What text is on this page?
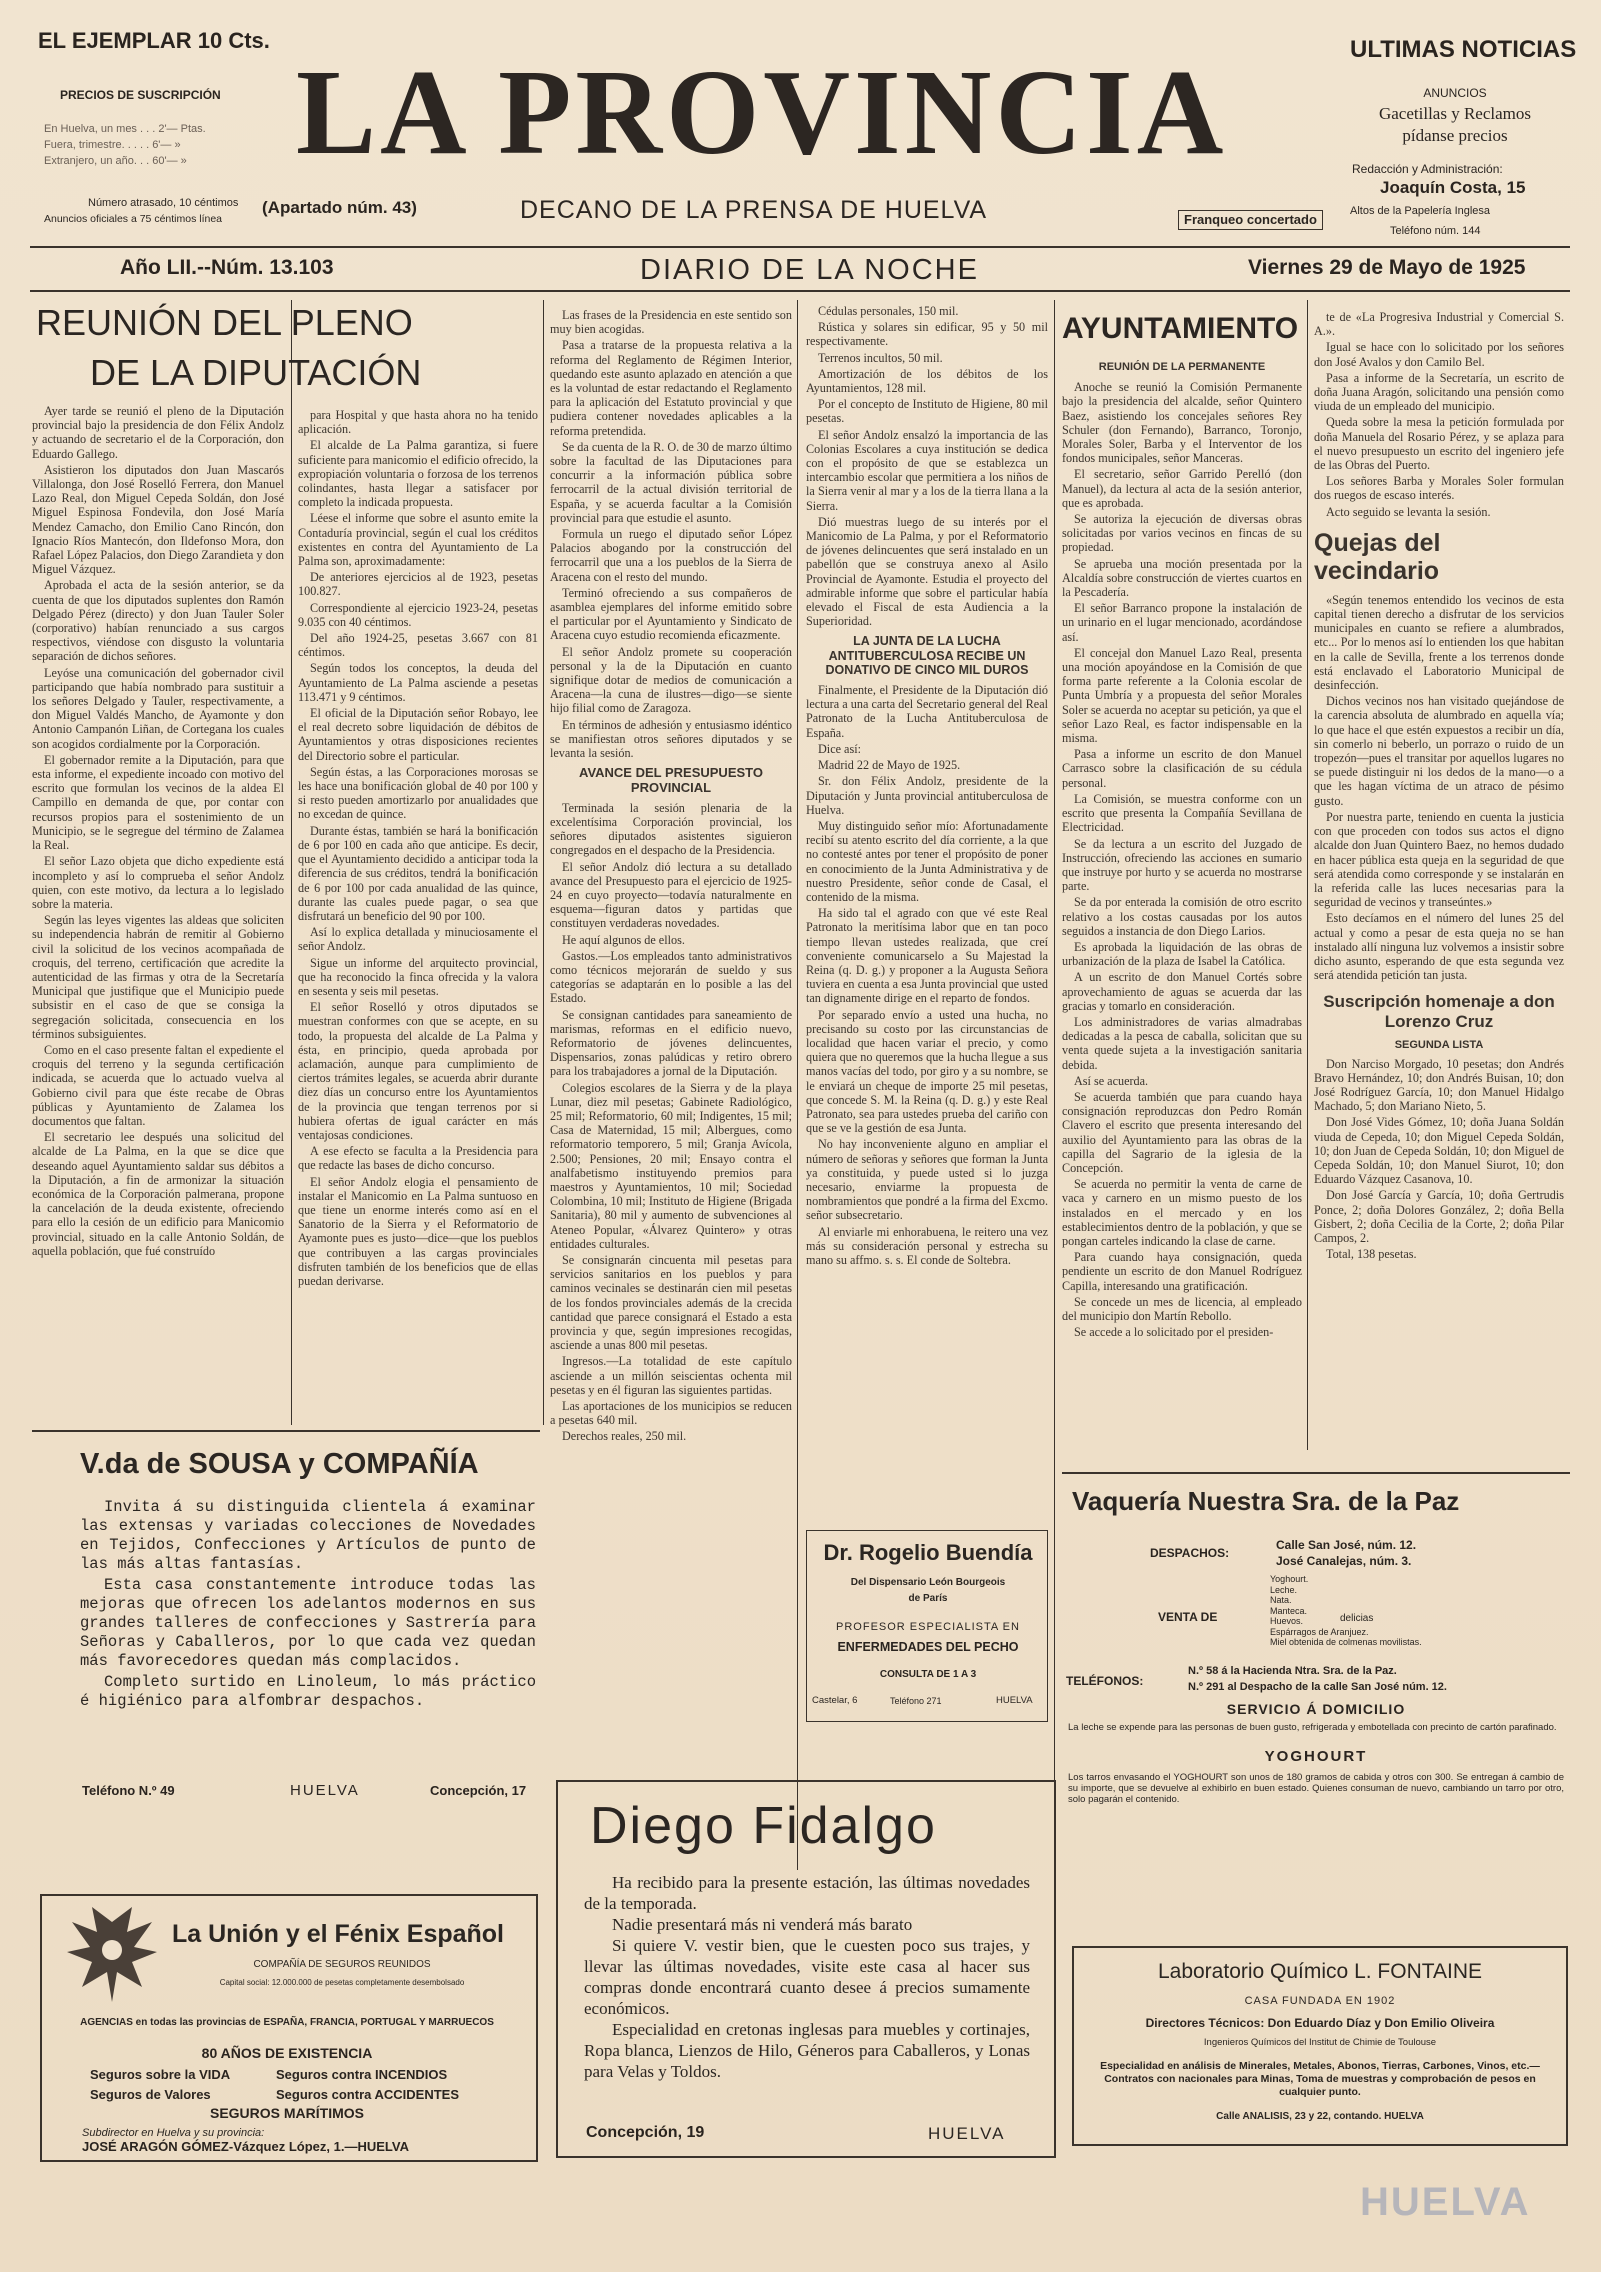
EL EJEMPLAR 10 Cts.
PRECIOS DE SUSCRIPCIÓN
En Huelva, un mes . . . 2'— Ptas.
Fuera, trimestre. . . . . 6'— »
Extranjero, un año. . . 60'— »
Número atrasado, 10 céntimos
Anuncios oficiales a 75 céntimos línea
LA PROVINCIA
(Apartado núm. 43)	DECANO DE LA PRENSA DE HUELVA	Franqueo concertado
ULTIMAS NOTICIAS
ANUNCIOS
Gacetillas y Reclamos
pídanse precios
Redacción y Administración:
Joaquín Costa, 15
Altos de la Papelería Inglesa
Teléfono núm. 144
Año LII.--Núm. 13.103	DIARIO DE LA NOCHE	Viernes 29 de Mayo de 1925
REUNIÓN DEL PLENO
DE LA DIPUTACIÓN

Ayer tarde se reunió el pleno de la Diputación provincial bajo la presidencia de don Félix Andolz y actuando de secretario el de la Corporación, don Eduardo Gallego.

Asistieron los diputados don Juan Mascarós Villalonga, don José Roselló Ferrera, don Manuel Lazo Real, don Miguel Cepeda Soldán, don José Miguel Espinosa Fondevila, don José María Mendez Camacho, don Emilio Cano Rincón, don Ignacio Ríos Mantecón, don Ildefonso Mora, don Rafael López Palacios, don Diego Zarandieta y don Miguel Vázquez.

Aprobada el acta de la sesión anterior, se da cuenta de que los diputados suplentes don Ramón Delgado Pérez (directo) y don Juan Tauler Soler (corporativo) habían renunciado a sus cargos respectivos, viéndose con disgusto la voluntaria separación de dichos señores.

Leyóse una comunicación del gobernador civil participando que había nombrado para sustituir a los señores Delgado y Tauler, respectivamente, a don Miguel Valdés Mancho, de Ayamonte y don Antonio Campanón Liñan, de Cortegana los cuales son acogidos cordialmente por la Corporación.

El gobernador remite a la Diputación, para que esta informe, el expediente incoado con motivo del escrito que formulan los vecinos de la aldea El Campillo en demanda de que, por contar con recursos propios para el sostenimiento de un Municipio, se le segregue del término de Zalamea la Real.

El señor Lazo objeta que dicho expediente está incompleto y así lo comprueba el señor Andolz quien, con este motivo, da lectura a lo legislado sobre la materia.

Según las leyes vigentes las aldeas que soliciten su independencia habrán de remitir al Gobierno civil la solicitud de los vecinos acompañada de croquis, del terreno, certificación que acredite la autenticidad de las firmas y otra de la Secretaría Municipal que justifique que el Municipio puede subsistir en el caso de que se consiga la segregación solicitada, consecuencia en los términos subsiguientes.

Como en el caso presente faltan el expediente el croquis del terreno y la segunda certificación indicada, se acuerda que lo actuado vuelva al Gobierno civil para que éste recabe de Obras públicas y Ayuntamiento de Zalamea los documentos que faltan.

El secretario lee después una solicitud del alcalde de La Palma, en la que se dice que deseando aquel Ayuntamiento saldar sus débitos a la Diputación, a fin de armonizar la situación económica de la Corporación palmerana, propone la cancelación de la deuda existente, ofreciendo para ello la cesión de un edificio para Manicomio provincial, situado en la calle Antonio Soldán, de aquella población, que fué construído

para Hospital y que hasta ahora no ha tenido aplicación.

El alcalde de La Palma garantiza, si fuere suficiente para manicomio el edificio ofrecido, la expropiación voluntaria o forzosa de los terrenos colindantes, hasta llegar a satisfacer por completo la indicada propuesta.

Léese el informe que sobre el asunto emite la Contaduría provincial, según el cual los créditos existentes en contra del Ayuntamiento de La Palma son, aproximadamente:

De anteriores ejercicios al de 1923, pesetas 100.827.

Correspondiente al ejercicio 1923-24, pesetas 9.035 con 40 céntimos.

Del año 1924-25, pesetas 3.667 con 81 céntimos.

Según todos los conceptos, la deuda del Ayuntamiento de La Palma asciende a pesetas 113.471 y 9 céntimos.

El oficial de la Diputación señor Robayo, lee el real decreto sobre liquidación de débitos de Ayuntamientos y otras disposiciones recientes del Directorio sobre el particular.

Según éstas, a las Corporaciones morosas se les hace una bonificación global de 40 por 100 y si resto pueden amortizarlo por anualidades que no excedan de quince.

Durante éstas, también se hará la bonificación de 6 por 100 en cada año que anticipe. Es decir, que el Ayuntamiento decidido a anticipar toda la diferencia de sus créditos, tendrá la bonificación de 6 por 100 por cada anualidad de las quince, durante las cuales puede pagar, o sea que disfrutará un beneficio del 90 por 100.

Así lo explica detallada y minuciosamente el señor Andolz.

Sigue un informe del arquitecto provincial, que ha reconocido la finca ofrecida y la valora en sesenta y seis mil pesetas.

El señor Roselló y otros diputados se muestran conformes con que se acepte, en su todo, la propuesta del alcalde de La Palma y ésta, en principio, queda aprobada por aclamación, aunque para cumplimiento de ciertos trámites legales, se acuerda abrir durante diez días un concurso entre los Ayuntamientos de la provincia que tengan terrenos por si hubiera ofertas de igual carácter en más ventajosas condiciones.

A ese efecto se faculta a la Presidencia para que redacte las bases de dicho concurso.

El señor Andolz elogia el pensamiento de instalar el Manicomio en La Palma suntuoso en que tiene un enorme interés como así en el Sanatorio de la Sierra y el Reformatorio de Ayamonte pues es justo—dice—que los pueblos que contribuyen a las cargas provinciales disfruten también de los beneficios que de ellas puedan derivarse.

Las frases de la Presidencia en este sentido son muy bien acogidas.

Pasa a tratarse de la propuesta relativa a la reforma del Reglamento de Régimen Interior, quedando este asunto aplazado en atención a que es la voluntad de estar redactando el Reglamento para la aplicación del Estatuto provincial y que pudiera contener novedades aplicables a la reforma pretendida.

Se da cuenta de la R. O. de 30 de marzo último sobre la facultad de las Diputaciones para concurrir a la información pública sobre ferrocarril de la actual división territorial de España, y se acuerda facultar a la Comisión provincial para que estudie el asunto.

Formula un ruego el diputado señor López Palacios abogando por la construcción del ferrocarril que una a los pueblos de la Sierra de Aracena con el resto del mundo.

Terminó ofreciendo a sus compañeros de asamblea ejemplares del informe emitido sobre el particular por el Ayuntamiento y Sindicato de Aracena cuyo estudio recomienda eficazmente.

El señor Andolz promete su cooperación personal y la de la Diputación en cuanto signifique dotar de medios de comunicación a Aracena—la cuna de ilustres—digo—se siente hijo filial como de Zaragoza.

En términos de adhesión y entusiasmo idéntico se manifiestan otros señores diputados y se levanta la sesión.

AVANCE DEL PRESUPUESTO PROVINCIAL

Terminada la sesión plenaria de la excelentísima Corporación provincial, los señores diputados asistentes siguieron congregados en el despacho de la Presidencia.

El señor Andolz dió lectura a su detallado avance del Presupuesto para el ejercicio de 1925-24 en cuyo proyecto—todavía naturalmente en esquema—figuran datos y partidas que constituyen verdaderas novedades.

He aquí algunos de ellos.

Gastos.—Los empleados tanto administrativos como técnicos mejorarán de sueldo y sus categorías se adaptarán en lo posible a las del Estado.

Se consignan cantidades para saneamiento de marismas, reformas en el edificio nuevo, Reformatorio de jóvenes delincuentes, Dispensarios, zonas palúdicas y retiro obrero para los trabajadores a jornal de la Diputación.

Colegios escolares de la Sierra y de la playa Lunar, diez mil pesetas; Gabinete Radiológico, 25 mil; Reformatorio, 60 mil; Indigentes, 15 mil; Casa de Maternidad, 15 mil; Albergues, como reformatorio temporero, 5 mil; Granja Avícola, 2.500; Pensiones, 20 mil; Ensayo contra el analfabetismo instituyendo premios para maestros y Ayuntamientos, 10 mil; Sociedad Colombina, 10 mil; Instituto de Higiene (Brigada Sanitaria), 80 mil y aumento de subvenciones al Ateneo Popular, «Álvarez Quintero» y otras entidades culturales.

Se consignarán cincuenta mil pesetas para servicios sanitarios en los pueblos y para caminos vecinales se destinarán cien mil pesetas de los fondos provinciales además de la crecida cantidad que parece consignará el Estado a esta provincia y que, según impresiones recogidas, asciende a unas 800 mil pesetas.

Ingresos.—La totalidad de este capítulo asciende a un millón seiscientas ochenta mil pesetas y en él figuran las siguientes partidas.

Las aportaciones de los municipios se reducen a pesetas 640 mil.

Derechos reales, 250 mil.

Cédulas personales, 150 mil.

Rústica y solares sin edificar, 95 y 50 mil respectivamente.

Terrenos incultos, 50 mil.

Amortización de los débitos de los Ayuntamientos, 128 mil.

Por el concepto de Instituto de Higiene, 80 mil pesetas.

El señor Andolz ensalzó la importancia de las Colonias Escolares a cuya institución se dedica con el propósito de que se establezca un intercambio escolar que permitiera a los niños de la Sierra venir al mar y a los de la tierra llana a la Sierra.

Dió muestras luego de su interés por el Manicomio de La Palma, y por el Reformatorio de jóvenes delincuentes que será instalado en un pabellón que se construya anexo al Asilo Provincial de Ayamonte. Estudia el proyecto del admirable informe que sobre el particular había elevado el Fiscal de esta Audiencia a la Superioridad.

LA JUNTA DE LA LUCHA ANTITUBERCULOSA RECIBE UN DONATIVO DE CINCO MIL DUROS

Finalmente, el Presidente de la Diputación dió lectura a una carta del Secretario general del Real Patronato de la Lucha Antituberculosa de España.

Dice así:

Madrid 22 de Mayo de 1925.

Sr. don Félix Andolz, presidente de la Diputación y Junta provincial antituberculosa de Huelva.

Muy distinguido señor mío: Afortunadamente recibí su atento escrito del día corriente, a la que no contesté antes por tener el propósito de poner en conocimiento de la Junta Administrativa y de nuestro Presidente, señor conde de Casal, el contenido de la misma.

Ha sido tal el agrado con que vé este Real Patronato la meritísima labor que en tan poco tiempo llevan ustedes realizada, que creí conveniente comunicarselo a Su Majestad la Reina (q. D. g.) y proponer a la Augusta Señora tuviera en cuenta a esa Junta provincial que usted tan dignamente dirige en el reparto de fondos.

Por separado envío a usted una hucha, no precisando su costo por las circunstancias de localidad que hacen variar el precio, y como quiera que no queremos que la hucha llegue a sus manos vacías del todo, por giro y a su nombre, se le enviará un cheque de importe 25 mil pesetas, que concede S. M. la Reina (q. D. g.) y este Real Patronato, sea para ustedes prueba del cariño con que se ve la gestión de esa Junta.

No hay inconveniente alguno en ampliar el número de señoras y señores que forman la Junta ya constituida, y puede usted si lo juzga necesario, enviarme la propuesta de nombramientos que pondré a la firma del Excmo. señor subsecretario.

Al enviarle mi enhorabuena, le reitero una vez más su consideración personal y estrecha su mano su affmo. s. s. El conde de Soltebra.

AYUNTAMIENTO
REUNIÓN DE LA PERMANENTE

Anoche se reunió la Comisión Permanente bajo la presidencia del alcalde, señor Quintero Baez, asistiendo los concejales señores Rey Schuler (don Fernando), Barranco, Toronjo, Morales Soler, Barba y el Interventor de los fondos municipales, señor Manceras.

El secretario, señor Garrido Perelló (don Manuel), da lectura al acta de la sesión anterior, que es aprobada.

Se autoriza la ejecución de diversas obras solicitadas por varios vecinos en fincas de su propiedad.

Se aprueba una moción presentada por la Alcaldía sobre construcción de viertes cuartos en la Pescadería.

El señor Barranco propone la instalación de un urinario en el lugar mencionado, acordándose así.

El concejal don Manuel Lazo Real, presenta una moción apoyándose en la Comisión de que forma parte referente a la Colonia escolar de Punta Umbría y a propuesta del señor Morales Soler se acuerda no aceptar su petición, ya que el señor Lazo Real, es factor indispensable en la misma.

Pasa a informe un escrito de don Manuel Carrasco sobre la clasificación de su cédula personal.

La Comisión, se muestra conforme con un escrito que presenta la Compañía Sevillana de Electricidad.

Se da lectura a un escrito del Juzgado de Instrucción, ofreciendo las acciones en sumario que instruye por hurto y se acuerda no mostrarse parte.

Se da por enterada la comisión de otro escrito relativo a los costas causadas por los autos seguidos a instancia de don Diego Larios.

Es aprobada la liquidación de las obras de urbanización de la plaza de Isabel la Católica.

A un escrito de don Manuel Cortés sobre aprovechamiento de aguas se acuerda dar las gracias y tomarlo en consideración.

Los administradores de varias almadrabas dedicadas a la pesca de caballa, solicitan que su venta quede sujeta a la investigación sanitaria debida.

Así se acuerda.

Se acuerda también que para cuando haya consignación reproduzcas don Pedro Román Clavero el escrito que presenta interesando del auxilio del Ayuntamiento para las obras de la capilla del Sagrario de la iglesia de la Concepción.

Se acuerda no permitir la venta de carne de vaca y carnero en un mismo puesto de los instalados en el mercado y en los establecimientos dentro de la población, y que se pongan carteles indicando la clase de carne.

Para cuando haya consignación, queda pendiente un escrito de don Manuel Rodríguez Capilla, interesando una gratificación.

Se concede un mes de licencia, al empleado del municipio don Martín Rebollo.

Se accede a lo solicitado por el presiden-

te de «La Progresiva Industrial y Comercial S. A.».

Igual se hace con lo solicitado por los señores don José Avalos y don Camilo Bel.

Pasa a informe de la Secretaría, un escrito de doña Juana Aragón, solicitando una pensión como viuda de un empleado del municipio.

Queda sobre la mesa la petición formulada por doña Manuela del Rosario Pérez, y se aplaza para el nuevo presupuesto un escrito del ingeniero jefe de las Obras del Puerto.

Los señores Barba y Morales Soler formulan dos ruegos de escaso interés.

Acto seguido se levanta la sesión.

Quejas del vecindario

«Según tenemos entendido los vecinos de esta capital tienen derecho a disfrutar de los servicios municipales en cuanto se refiere a alumbrados, etc... Por lo menos así lo entienden los que habitan en la calle de Sevilla, frente a los terrenos donde está enclavado el Laboratorio Municipal de desinfección.

Dichos vecinos nos han visitado quejándose de la carencia absoluta de alumbrado en aquella vía; lo que hace el que estén expuestos a recibir un día, sin comerlo ni beberlo, un porrazo o ruido de un tropezón—pues el transitar por aquellos lugares no se puede distinguir ni los dedos de la mano—o a que les hagan víctima de un atraco de pésimo gusto.

Por nuestra parte, teniendo en cuenta la justicia con que proceden con todos sus actos el digno alcalde don Juan Quintero Baez, no hemos dudado en hacer pública esta queja en la seguridad de que será atendida como corresponde y se instalarán en la referida calle las luces necesarias para la seguridad de vecinos y transeúntes.»

Esto decíamos en el número del lunes 25 del actual y como a pesar de esta queja no se han instalado allí ninguna luz volvemos a insistir sobre dicho asunto, esperando de que esta segunda vez será atendida petición tan justa.

Suscripción homenaje a don Lorenzo Cruz
SEGUNDA LISTA

Don Narciso Morgado, 10 pesetas; don Andrés Bravo Hernández, 10; don Andrés Buisan, 10; don José Rodríguez García, 10; don Manuel Hidalgo Machado, 5; don Mariano Nieto, 5.

Don José Vides Gómez, 10; doña Juana Soldán viuda de Cepeda, 10; don Miguel Cepeda Soldán, 10; don Juan de Cepeda Soldán, 10; don Miguel de Cepeda Soldán, 10; don Manuel Siurot, 10; don Eduardo Vázquez Casanova, 10.

Don José García y García, 10; doña Gertrudis Ponce, 2; doña Dolores González, 2; doña Bella Gisbert, 2; doña Cecilia de la Corte, 2; doña Pilar Campos, 2.

Total, 138 pesetas.

V.da de SOUSA y COMPAÑÍA
Invita á su distinguida clientela á examinar las extensas y variadas colecciones de Novedades en Tejidos, Confecciones y Artículos de punto de las más altas fantasías.
Esta casa constantemente introduce todas las mejoras que ofrecen los adelantos modernos en sus grandes talleres de confecciones y Sastrería para Señoras y Caballeros, por lo que cada vez quedan más favorecedores quedan más complacidos.
Completo surtido en Linoleum, lo más práctico é higiénico para alfombrar despachos.
Teléfono N.º 49	HUELVA	Concepción, 17
La Unión y el Fénix Español
COMPAÑÍA DE SEGUROS REUNIDOS
Capital social: 12.000.000 de pesetas completamente desembolsado
AGENCIAS en todas las provincias de ESPAÑA, FRANCIA, PORTUGAL Y MARRUECOS
80 AÑOS DE EXISTENCIA
Seguros sobre la VIDA	Seguros contra INCENDIOS
Seguros de Valores	Seguros contra ACCIDENTES
SEGUROS MARÍTIMOS
Subdirector en Huelva y su provincia:
JOSÉ ARAGÓN GÓMEZ-Vázquez López, 1.—HUELVA
Dr. Rogelio Buendía
Del Dispensario León Bourgeois
de París
PROFESOR ESPECIALISTA EN
ENFERMEDADES DEL PECHO
CONSULTA DE 1 A 3
Castelar, 6	Teléfono 271	HUELVA
Diego Fidalgo
Ha recibido para la presente estación, las últimas novedades de la temporada.
Nadie presentará más ni venderá más barato
Si quiere V. vestir bien, que le cuesten poco sus trajes, y llevar las últimas novedades, visite este casa al hacer sus compras donde encontrará cuanto desee á precios sumamente económicos.
Especialidad en cretonas inglesas para muebles y cortinajes, Ropa blanca, Lienzos de Hilo, Géneros para Caballeros, y Lonas para Velas y Toldos.
Concepción, 19	HUELVA
Vaquería Nuestra Sra. de la Paz
DESPACHOS:
Calle San José, núm. 12.
José Canalejas, núm. 3.
VENTA DE
Yoghourt.
Leche.
Nata.
Manteca.
Huevos.
Espárragos de Aranjuez.
Miel obtenida de colmenas movilistas.
delicias
TELÉFONOS:
N.º 58 á la Hacienda Ntra. Sra. de la Paz.
N.º 291 al Despacho de la calle San José núm. 12.
SERVICIO Á DOMICILIO
La leche se expende para las personas de buen gusto, refrigerada y embotellada con precinto de cartón parafinado.
YOGHOURT
Los tarros envasando el YOGHOURT son unos de 180 gramos de cabida y otros con 300. Se entregan á cambio de su importe, que se devuelve al exhibirlo en buen estado. Quienes consuman de nuevo, cambiando un tarro por otro, solo pagarán el contenido.
Laboratorio Químico L. FONTAINE
CASA FUNDADA EN 1902
Directores Técnicos: Don Eduardo Díaz y Don Emilio Oliveira
Ingenieros Químicos del Institut de Chimie de Toulouse
Especialidad en análisis de Minerales, Metales, Abonos, Tierras, Carbones, Vinos, etc.— Contratos con nacionales para Minas, Toma de muestras y comprobación de pesos en cualquier punto.
Calle ANALISIS, 23 y 22, contando. HUELVA
HUELVA
